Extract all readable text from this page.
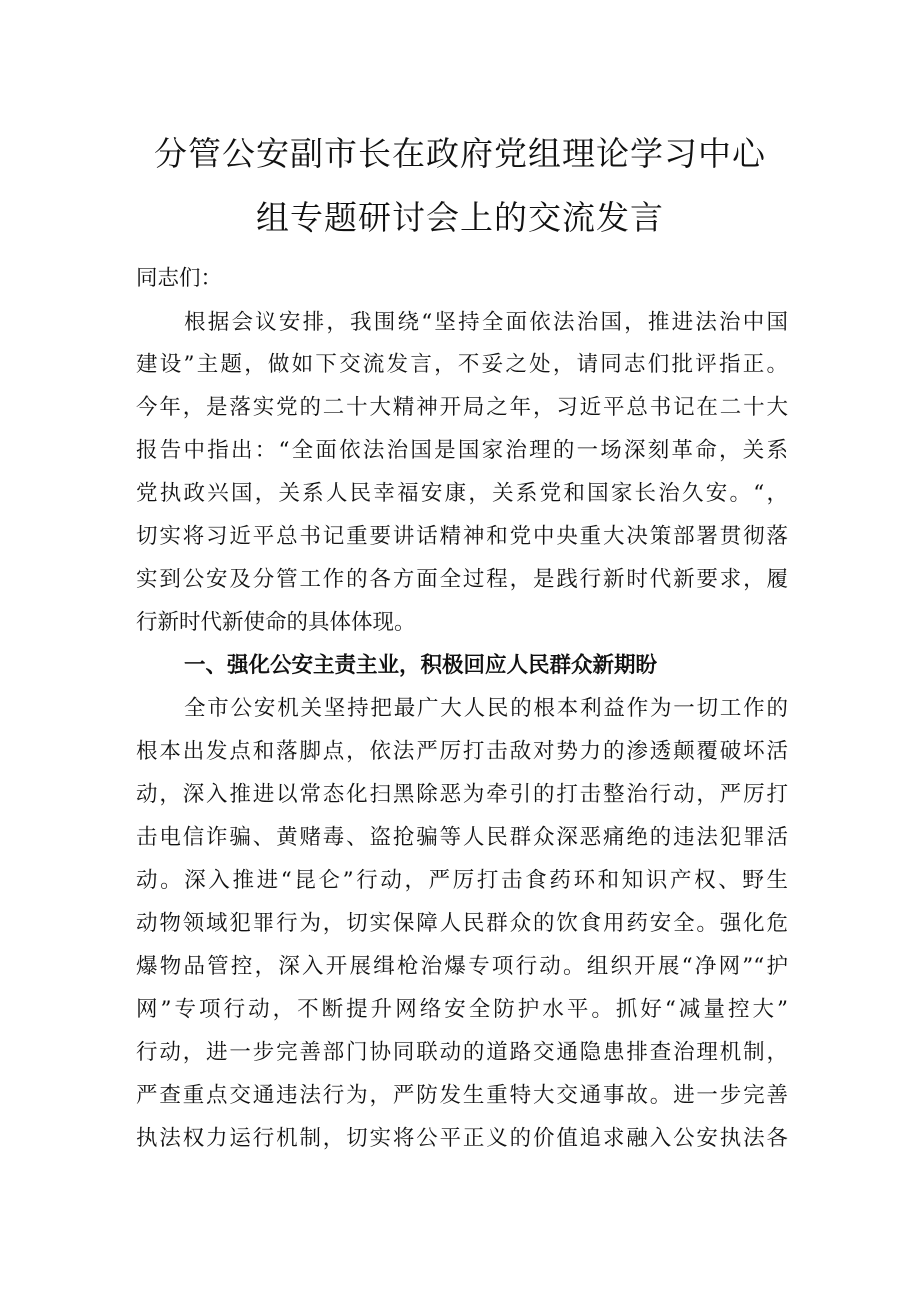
分管公安副市长在政府党组理论学习中心
组专题研讨会上的交流发言
同志们：
根据会议安排，我围绕“坚持全面依法治国，推进法治中国
建设”主题，做如下交流发言，不妥之处，请同志们批评指正。
今年，是落实党的二十大精神开局之年，习近平总书记在二十大
报告中指出：“全面依法治国是国家治理的一场深刻革命，关系
党执政兴国，关系人民幸福安康，关系党和国家长治久安。“，
切实将习近平总书记重要讲话精神和党中央重大决策部署贯彻落
实到公安及分管工作的各方面全过程，是践行新时代新要求，履
行新时代新使命的具体体现。
一、强化公安主责主业，积极回应人民群众新期盼
全市公安机关坚持把最广大人民的根本利益作为一切工作的
根本出发点和落脚点，依法严厉打击敌对势力的渗透颠覆破坏活
动，深入推进以常态化扫黑除恶为牵引的打击整治行动，严厉打
击电信诈骗、黄赌毒、盗抢骗等人民群众深恶痛绝的违法犯罪活
动。深入推进“昆仑”行动，严厉打击食药环和知识产权、野生
动物领域犯罪行为，切实保障人民群众的饮食用药安全。强化危
爆物品管控，深入开展缉枪治爆专项行动。组织开展“净网”“护
网”专项行动，不断提升网络安全防护水平。抓好“减量控大”
行动，进一步完善部门协同联动的道路交通隐患排查治理机制，
严查重点交通违法行为，严防发生重特大交通事故。进一步完善
执法权力运行机制，切实将公平正义的价值追求融入公安执法各
